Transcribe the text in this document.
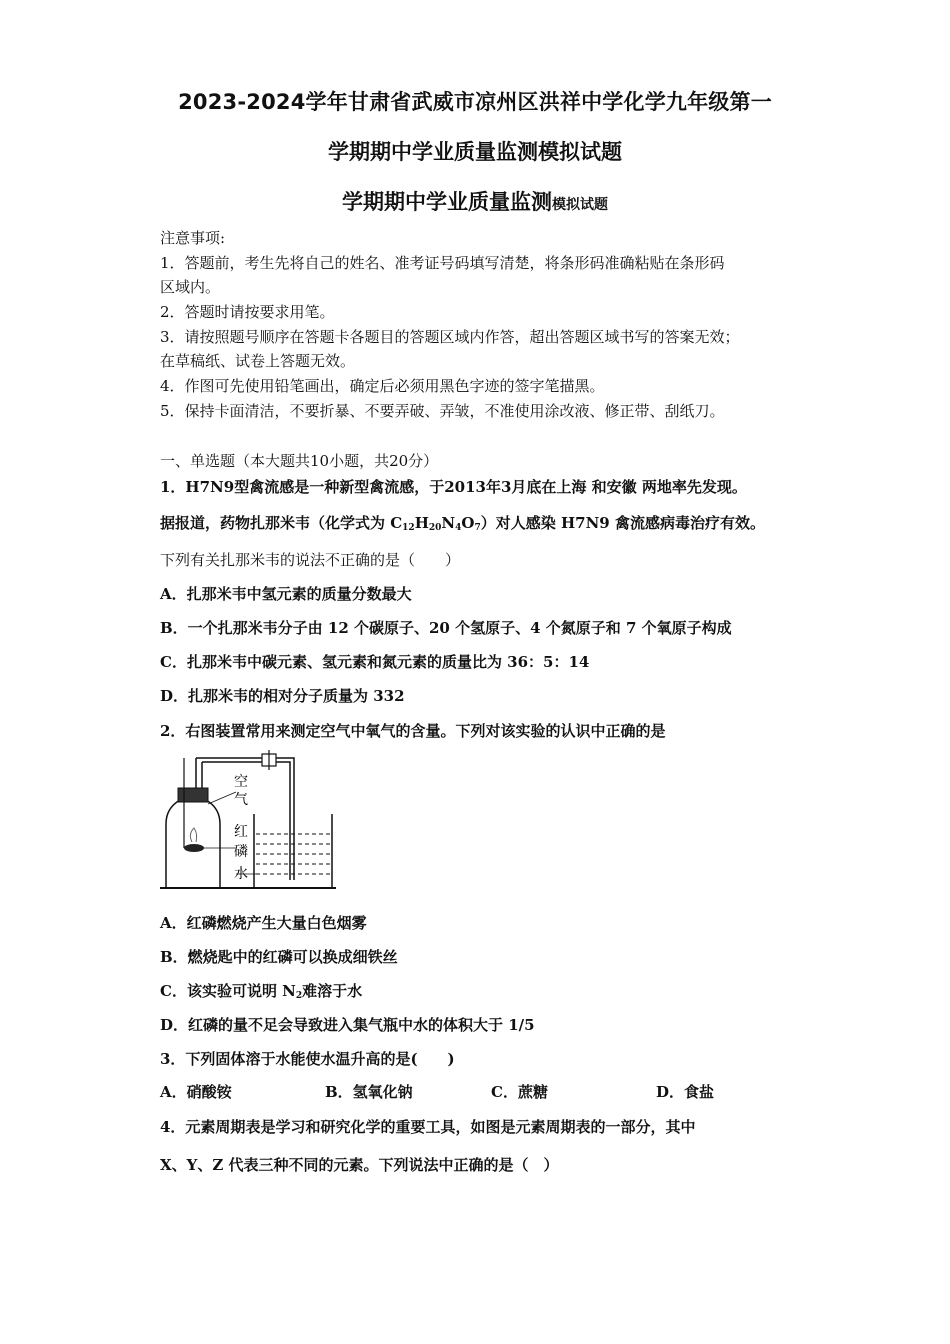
2023-2024学年甘肃省武威市凉州区洪祥中学化学九年级第一
学期期中学业质量监测模拟试题
学期期中学业质量监测模拟试题
注意事项:
1．答题前，考生先将自己的姓名、准考证号码填写清楚，将条形码准确粘贴在条形码
区域内。
2．答题时请按要求用笔。
3．请按照题号顺序在答题卡各题目的答题区域内作答，超出答题区域书写的答案无效；
在草稿纸、试卷上答题无效。
4．作图可先使用铅笔画出，确定后必须用黑色字迹的签字笔描黑。
5．保持卡面清洁，不要折暴、不要弄破、弄皱，不准使用涂改液、修正带、刮纸刀。
一、单选题（本大题共10小题，共20分）
1．H7N9型禽流感是一种新型禽流感，于2013年3月底在上海 和安徽 两地率先发现。
据报道，药物扎那米韦（化学式为 $C_{12}H_{20}N_4O_7$）对人感染 H7N9 禽流感病毒治疗有效。
下列有关扎那米韦的说法不正确的是（　　）
A．扎那米韦中氢元素的质量分数最大
B．一个扎那米韦分子由 12 个碳原子、20 个氢原子、4 个氮原子和 7 个氧原子构成
C．扎那米韦中碳元素、氢元素和氮元素的质量比为 36：5：14
D．扎那米韦的相对分子质量为 332
2．右图装置常用来测定空气中氧气的含量。下列对该实验的认识中正确的是
空
气
红
磷
水
A．红磷燃烧产生大量白色烟雾
B．燃烧匙中的红磷可以换成细铁丝
C．该实验可说明 $N_2$难溶于水
D．红磷的量不足会导致进入集气瓶中水的体积大于 1/5
3．下列固体溶于水能使水温升高的是(　　)
A．硝酸铵	B．氢氧化钠	C．蔗糖	D．食盐
4．元素周期表是学习和研究化学的重要工具，如图是元素周期表的一部分，其中
X、Y、Z 代表三种不同的元素。下列说法中正确的是（　）
